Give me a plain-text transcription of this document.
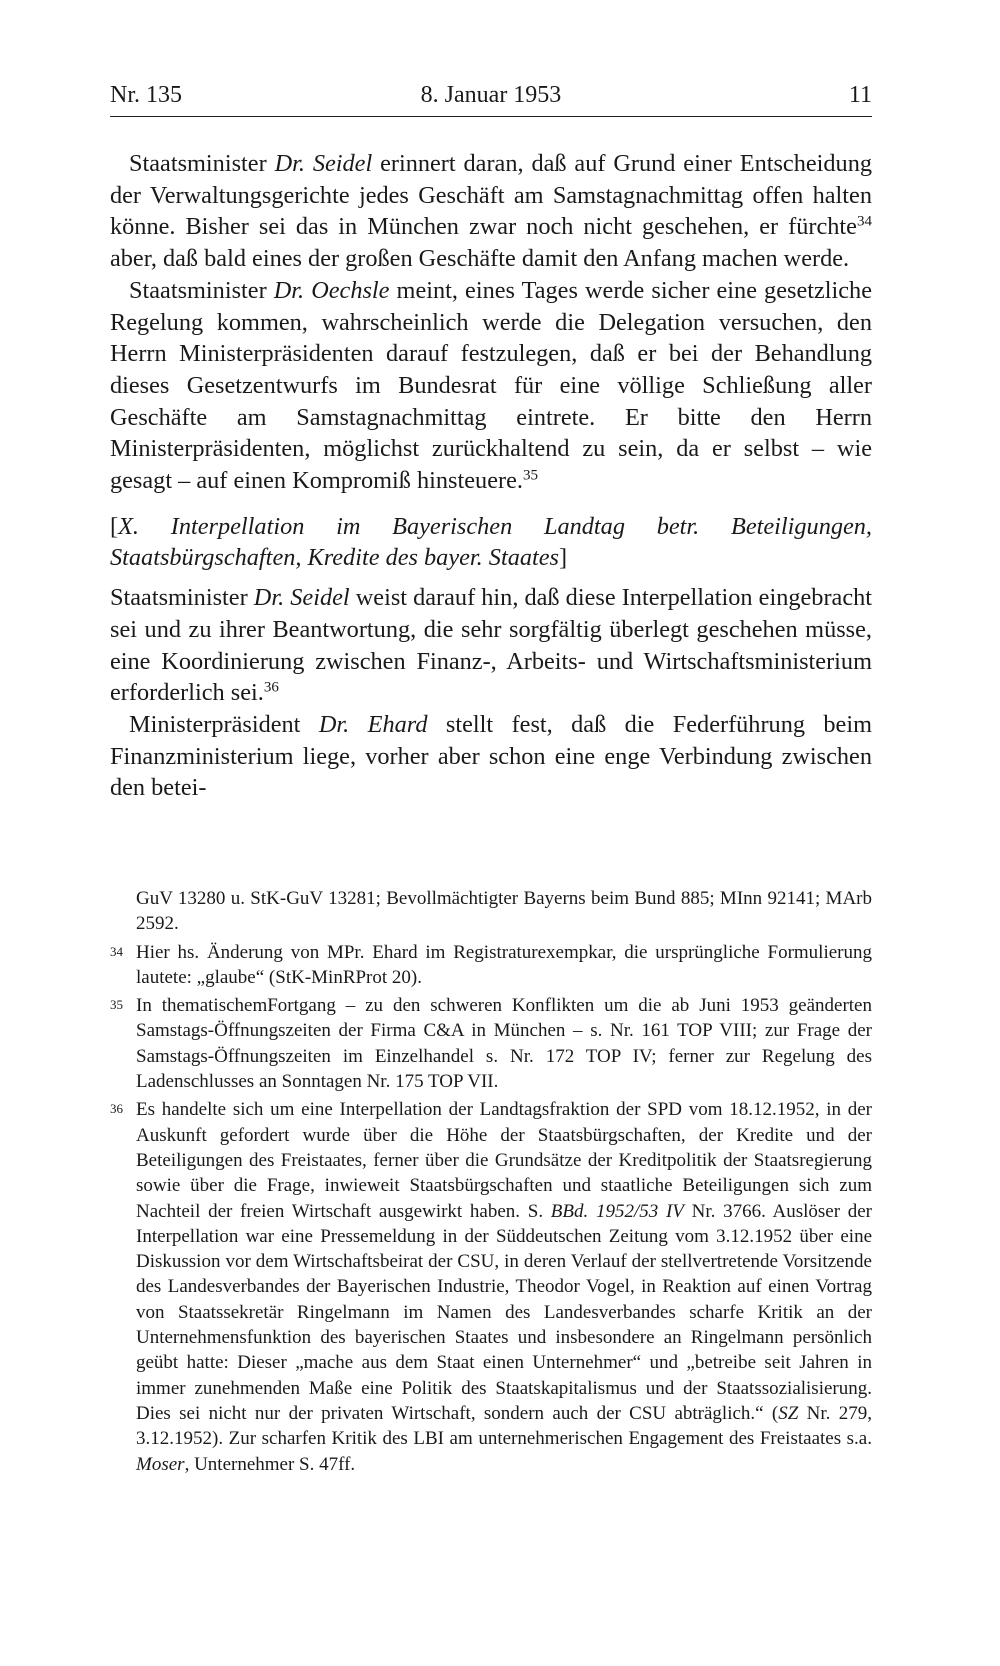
Nr. 135	8. Januar 1953	11

Staatsminister Dr. Seidel erinnert daran, daß auf Grund einer Entscheidung der Verwaltungsgerichte jedes Geschäft am Samstagnachmittag offen halten könne. Bisher sei das in München zwar noch nicht geschehen, er fürchte$^{34}$ aber, daß bald eines der großen Geschäfte damit den Anfang machen werde.

Staatsminister Dr. Oechsle meint, eines Tages werde sicher eine gesetzliche Regelung kommen, wahrscheinlich werde die Delegation versuchen, den Herrn Ministerpräsidenten darauf festzulegen, daß er bei der Behandlung dieses Gesetzentwurfs im Bundesrat für eine völlige Schließung aller Geschäfte am Samstagnachmittag eintrete. Er bitte den Herrn Ministerpräsidenten, möglichst zurückhaltend zu sein, da er selbst – wie gesagt – auf einen Kompromiß hinsteuere.$^{35}$

[X. Interpellation im Bayerischen Landtag betr. Beteiligungen, Staatsbürgschaften, Kredite des bayer. Staates]

Staatsminister Dr. Seidel weist darauf hin, daß diese Interpellation eingebracht sei und zu ihrer Beantwortung, die sehr sorgfältig überlegt geschehen müsse, eine Koordinierung zwischen Finanz-, Arbeits- und Wirtschaftsministerium erforderlich sei.$^{36}$

Ministerpräsident Dr. Ehard stellt fest, daß die Federführung beim Finanzministerium liege, vorher aber schon eine enge Verbindung zwischen den betei-

GuV 13280 u. StK-GuV 13281; Bevollmächtigter Bayerns beim Bund 885; MInn 92141; MArb 2592.
34 Hier hs. Änderung von MPr. Ehard im Registraturexempkar, die ursprüngliche Formulierung lautete: „glaube“ (StK-MinRProt 20).
35 In thematischemFortgang – zu den schweren Konflikten um die ab Juni 1953 geänderten Samstags-Öffnungszeiten der Firma C&A in München – s. Nr. 161 TOP VIII; zur Frage der Samstags-Öffnungszeiten im Einzelhandel s. Nr. 172 TOP IV; ferner zur Regelung des Ladenschlusses an Sonntagen Nr. 175 TOP VII.
36 Es handelte sich um eine Interpellation der Landtagsfraktion der SPD vom 18.12.1952, in der Auskunft gefordert wurde über die Höhe der Staatsbürgschaften, der Kredite und der Beteiligungen des Freistaates, ferner über die Grundsätze der Kreditpolitik der Staatsregierung sowie über die Frage, inwieweit Staatsbürgschaften und staatliche Beteiligungen sich zum Nachteil der freien Wirtschaft ausgewirkt haben. S. BBd. 1952/53 IV Nr. 3766. Auslöser der Interpellation war eine Pressemeldung in der Süddeutschen Zeitung vom 3.12.1952 über eine Diskussion vor dem Wirtschaftsbeirat der CSU, in deren Verlauf der stellvertretende Vorsitzende des Landesverbandes der Bayerischen Industrie, Theodor Vogel, in Reaktion auf einen Vortrag von Staatssekretär Ringelmann im Namen des Landesverbandes scharfe Kritik an der Unternehmensfunktion des bayerischen Staates und insbesondere an Ringelmann persönlich geübt hatte: Dieser „mache aus dem Staat einen Unternehmer“ und „betreibe seit Jahren in immer zunehmenden Maße eine Politik des Staatskapitalismus und der Staatssozialisierung. Dies sei nicht nur der privaten Wirtschaft, sondern auch der CSU abträglich.“ (SZ Nr. 279, 3.12.1952). Zur scharfen Kritik des LBI am unternehmerischen Engagement des Freistaates s.a. Moser, Unternehmer S. 47ff.
